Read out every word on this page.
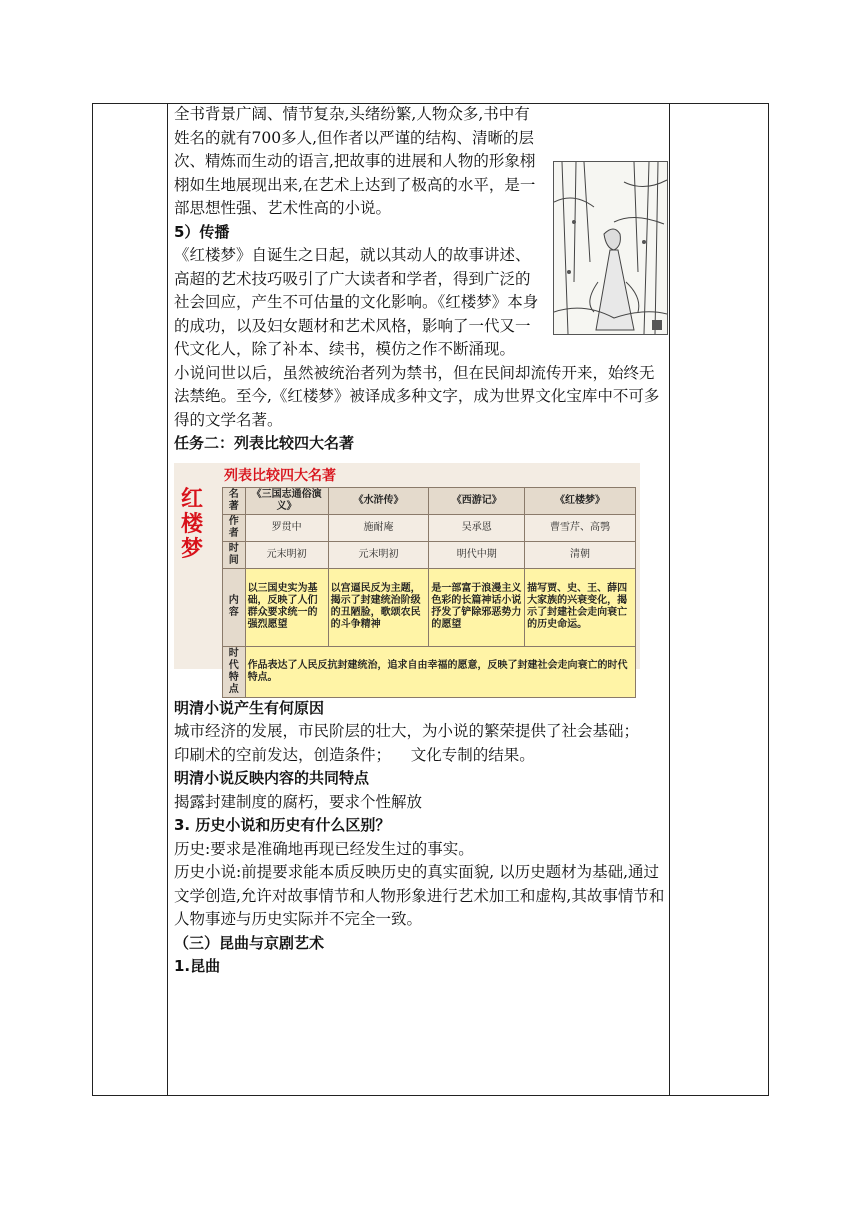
全书背景广阔、情节复杂,头绪纷繁,人物众多,书中有姓名的就有700多人,但作者以严谨的结构、清晰的层次、精炼而生动的语言,把故事的进展和人物的形象栩栩如生地展现出来,在艺术上达到了极高的水平，是一部思想性强、艺术性高的小说。

5）传播

《红楼梦》自诞生之日起，就以其动人的故事讲述、高超的艺术技巧吸引了广大读者和学者，得到广泛的社会回应，产生不可估量的文化影响。《红楼梦》本身的成功，以及妇女题材和艺术风格，影响了一代又一代文化人，除了补本、续书，模仿之作不断涌现。

小说问世以后，虽然被统治者列为禁书，但在民间却流传开来，始终无法禁绝。至今,《红楼梦》被译成多种文字，成为世界文化宝库中不可多得的文学名著。

任务二：列表比较四大名著

红楼梦
列表比较四大名著
名著	《三国志通俗演义》	《水浒传》	《西游记》	《红楼梦》
作者	罗贯中	施耐庵	吴承恩	曹雪芹、高鹗
时间	元末明初	元末明初	明代中期	清朝
内容	以三国史实为基础，反映了人们群众要求统一的强烈愿望	以宫逼民反为主题，揭示了封建统治阶级的丑陋脸，歌颂农民的斗争精神	是一部富于浪漫主义色彩的长篇神话小说抒发了铲除邪恶势力的愿望	描写贾、史、王、薛四大家族的兴衰变化，揭示了封建社会走向衰亡的历史命运。
时代特点	作品表达了人民反抗封建统治，追求自由幸福的愿意，反映了封建社会走向衰亡的时代特点。			

明清小说产生有何原因

城市经济的发展，市民阶层的壮大，为小说的繁荣提供了社会基础；

印刷术的空前发达，创造条件；    文化专制的结果。

明清小说反映内容的共同特点

揭露封建制度的腐朽，要求个性解放

3. 历史小说和历史有什么区别？

历史:要求是准确地再现已经发生过的事实。

历史小说:前提要求能本质反映历史的真实面貌, 以历史题材为基础,通过文学创造,允许对故事情节和人物形象进行艺术加工和虚构,其故事情节和人物事迹与历史实际并不完全一致。

（三）昆曲与京剧艺术

1.昆曲
